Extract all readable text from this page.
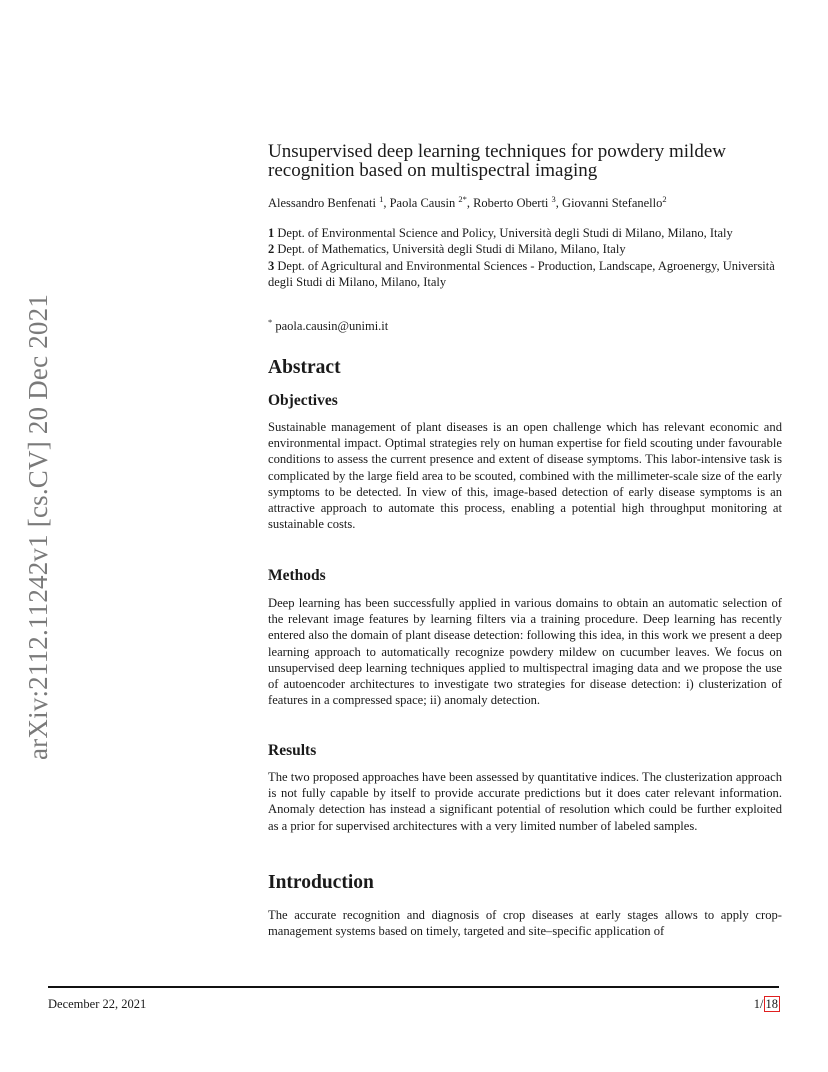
arXiv:2112.11242v1 [cs.CV] 20 Dec 2021
Unsupervised deep learning techniques for powdery mildew recognition based on multispectral imaging
Alessandro Benfenati $^1$, Paola Causin $^{2*}$, Roberto Oberti $^3$, Giovanni Stefanello$^2$
1 Dept. of Environmental Science and Policy, Università degli Studi di Milano, Milano, Italy
2 Dept. of Mathematics, Università degli Studi di Milano, Milano, Italy
3 Dept. of Agricultural and Environmental Sciences - Production, Landscape, Agroenergy, Università degli Studi di Milano, Milano, Italy
* paola.causin@unimi.it
Abstract
Objectives

Sustainable management of plant diseases is an open challenge which has relevant economic and environmental impact. Optimal strategies rely on human expertise for field scouting under favourable conditions to assess the current presence and extent of disease symptoms. This labor-intensive task is complicated by the large field area to be scouted, combined with the millimeter-scale size of the early symptoms to be detected. In view of this, image-based detection of early disease symptoms is an attractive approach to automate this process, enabling a potential high throughput monitoring at sustainable costs.

Methods

Deep learning has been successfully applied in various domains to obtain an automatic selection of the relevant image features by learning filters via a training procedure. Deep learning has recently entered also the domain of plant disease detection: following this idea, in this work we present a deep learning approach to automatically recognize powdery mildew on cucumber leaves. We focus on unsupervised deep learning techniques applied to multispectral imaging data and we propose the use of autoencoder architectures to investigate two strategies for disease detection: i) clusterization of features in a compressed space; ii) anomaly detection.

Results

The two proposed approaches have been assessed by quantitative indices. The clusterization approach is not fully capable by itself to provide accurate predictions but it does cater relevant information. Anomaly detection has instead a significant potential of resolution which could be further exploited as a prior for supervised architectures with a very limited number of labeled samples.

Introduction

The accurate recognition and diagnosis of crop diseases at early stages allows to apply crop-management systems based on timely, targeted and site–specific application of

December 22, 2021	1/ 18
